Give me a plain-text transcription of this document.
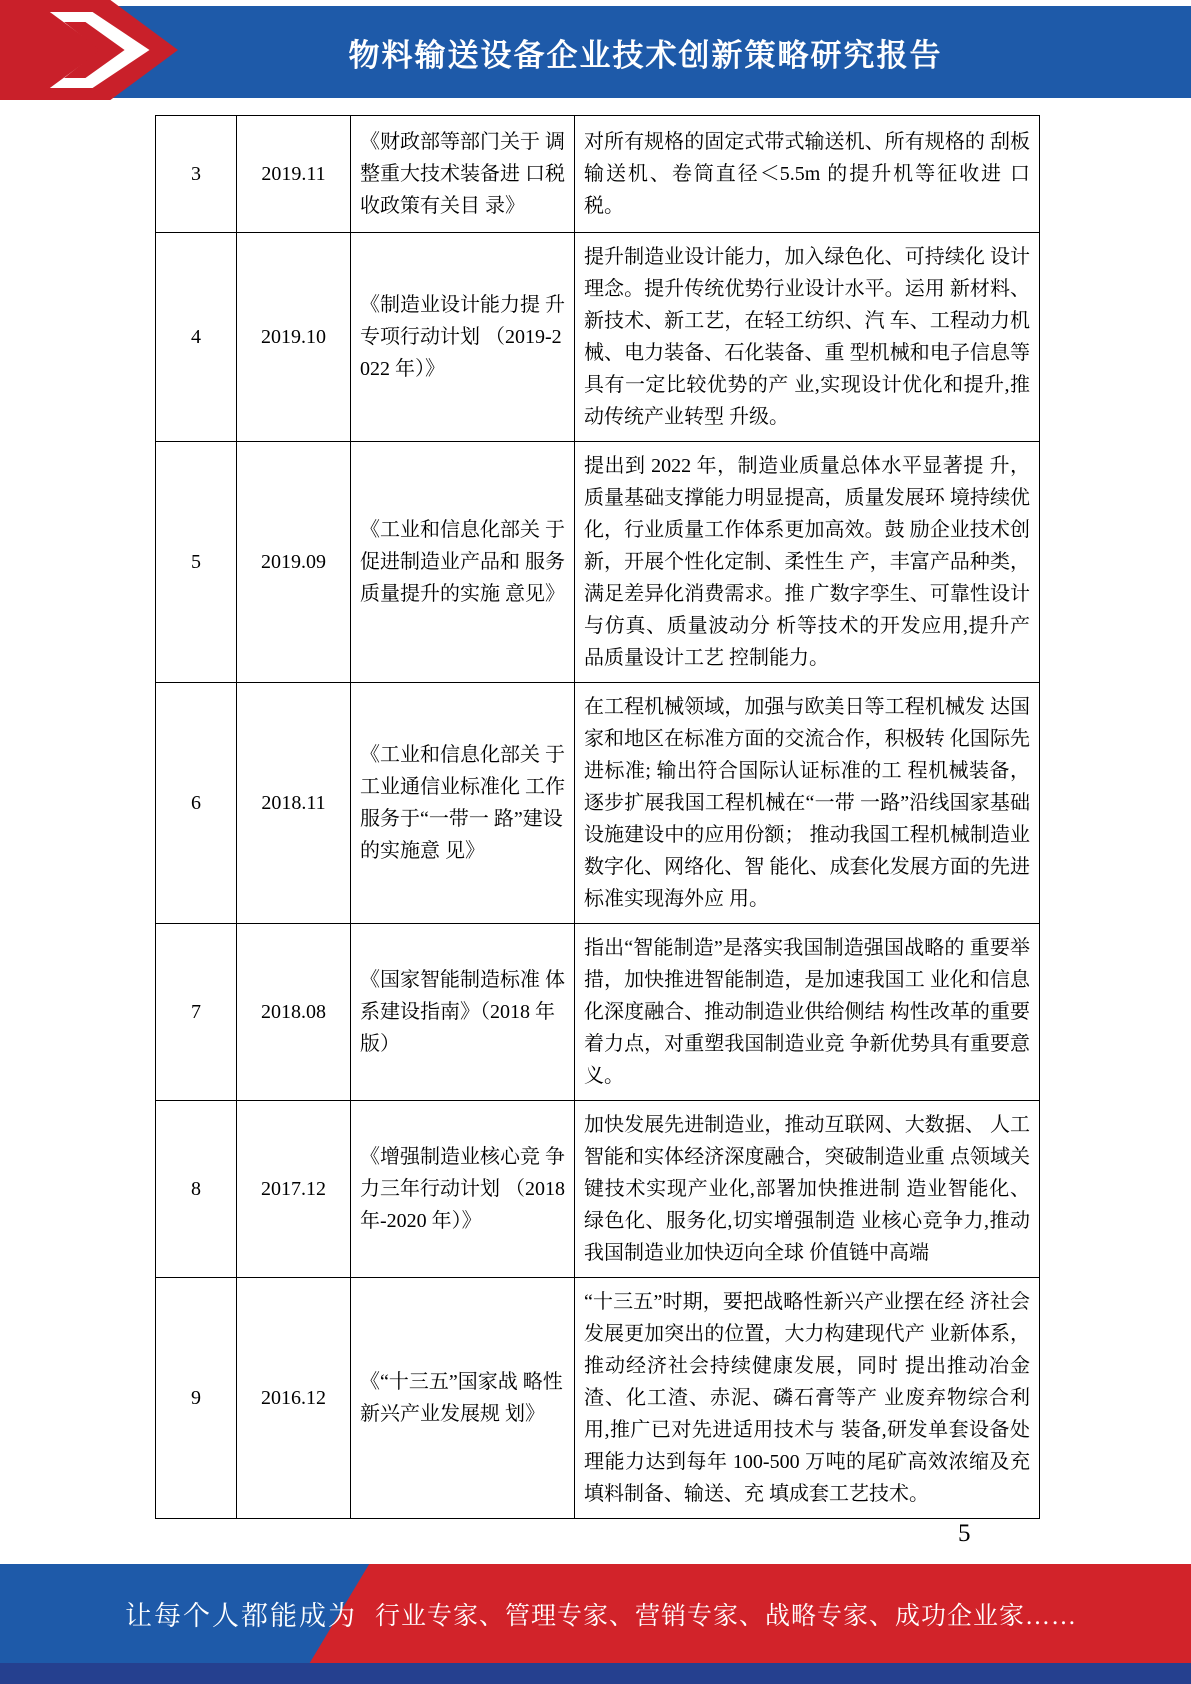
物料输送设备企业技术创新策略研究报告
3	2019.11	《财政部等部门关于 调整重大技术装备进 口税收政策有关目 录》	对所有规格的固定式带式输送机、所有规格的 刮板输送机、卷筒直径＜5.5m 的提升机等征收进 口税。
4	2019.10	《制造业设计能力提 升专项行动计划 （2019-2022 年）》	提升制造业设计能力，加入绿色化、可持续化 设计理念。提升传统优势行业设计水平。运用 新材料、新技术、新工艺，在轻工纺织、汽 车、工程动力机械、电力装备、石化装备、重 型机械和电子信息等具有一定比较优势的产 业,实现设计优化和提升,推动传统产业转型 升级。
5	2019.09	《工业和信息化部关 于促进制造业产品和 服务质量提升的实施 意见》	提出到 2022 年，制造业质量总体水平显著提 升，质量基础支撑能力明显提高，质量发展环 境持续优化，行业质量工作体系更加高效。鼓 励企业技术创新，开展个性化定制、柔性生 产，丰富产品种类，满足差异化消费需求。推 广数字孪生、可靠性设计与仿真、质量波动分 析等技术的开发应用,提升产品质量设计工艺 控制能力。
6	2018.11	《工业和信息化部关 于工业通信业标准化 工作服务于“一带一 路”建设的实施意 见》	在工程机械领域，加强与欧美日等工程机械发 达国家和地区在标准方面的交流合作，积极转 化国际先进标准; 输出符合国际认证标准的工 程机械装备，逐步扩展我国工程机械在“一带 一路”沿线国家基础设施建设中的应用份额； 推动我国工程机械制造业数字化、网络化、智 能化、成套化发展方面的先进标准实现海外应 用。
7	2018.08	《国家智能制造标准 体系建设指南》（2018 年版）	指出“智能制造”是落实我国制造强国战略的 重要举措，加快推进智能制造，是加速我国工 业化和信息化深度融合、推动制造业供给侧结 构性改革的重要着力点，对重塑我国制造业竞 争新优势具有重要意义。
8	2017.12	《增强制造业核心竞 争力三年行动计划 （2018 年-2020 年）》	加快发展先进制造业，推动互联网、大数据、 人工智能和实体经济深度融合，突破制造业重 点领域关键技术实现产业化,部署加快推进制 造业智能化、绿色化、服务化,切实增强制造 业核心竞争力,推动我国制造业加快迈向全球 价值链中高端
9	2016.12	《“十三五”国家战 略性新兴产业发展规 划》	“十三五”时期，要把战略性新兴产业摆在经 济社会发展更加突出的位置，大力构建现代产 业新体系，推动经济社会持续健康发展，同时 提出推动冶金渣、化工渣、赤泥、磷石膏等产 业废弃物综合利用,推广已对先进适用技术与 装备,研发单套设备处理能力达到每年 100-500 万吨的尾矿高效浓缩及充填料制备、输送、充 填成套工艺技术。
5
让每个人都能成为 行业专家、管理专家、营销专家、战略专家、成功企业家……
